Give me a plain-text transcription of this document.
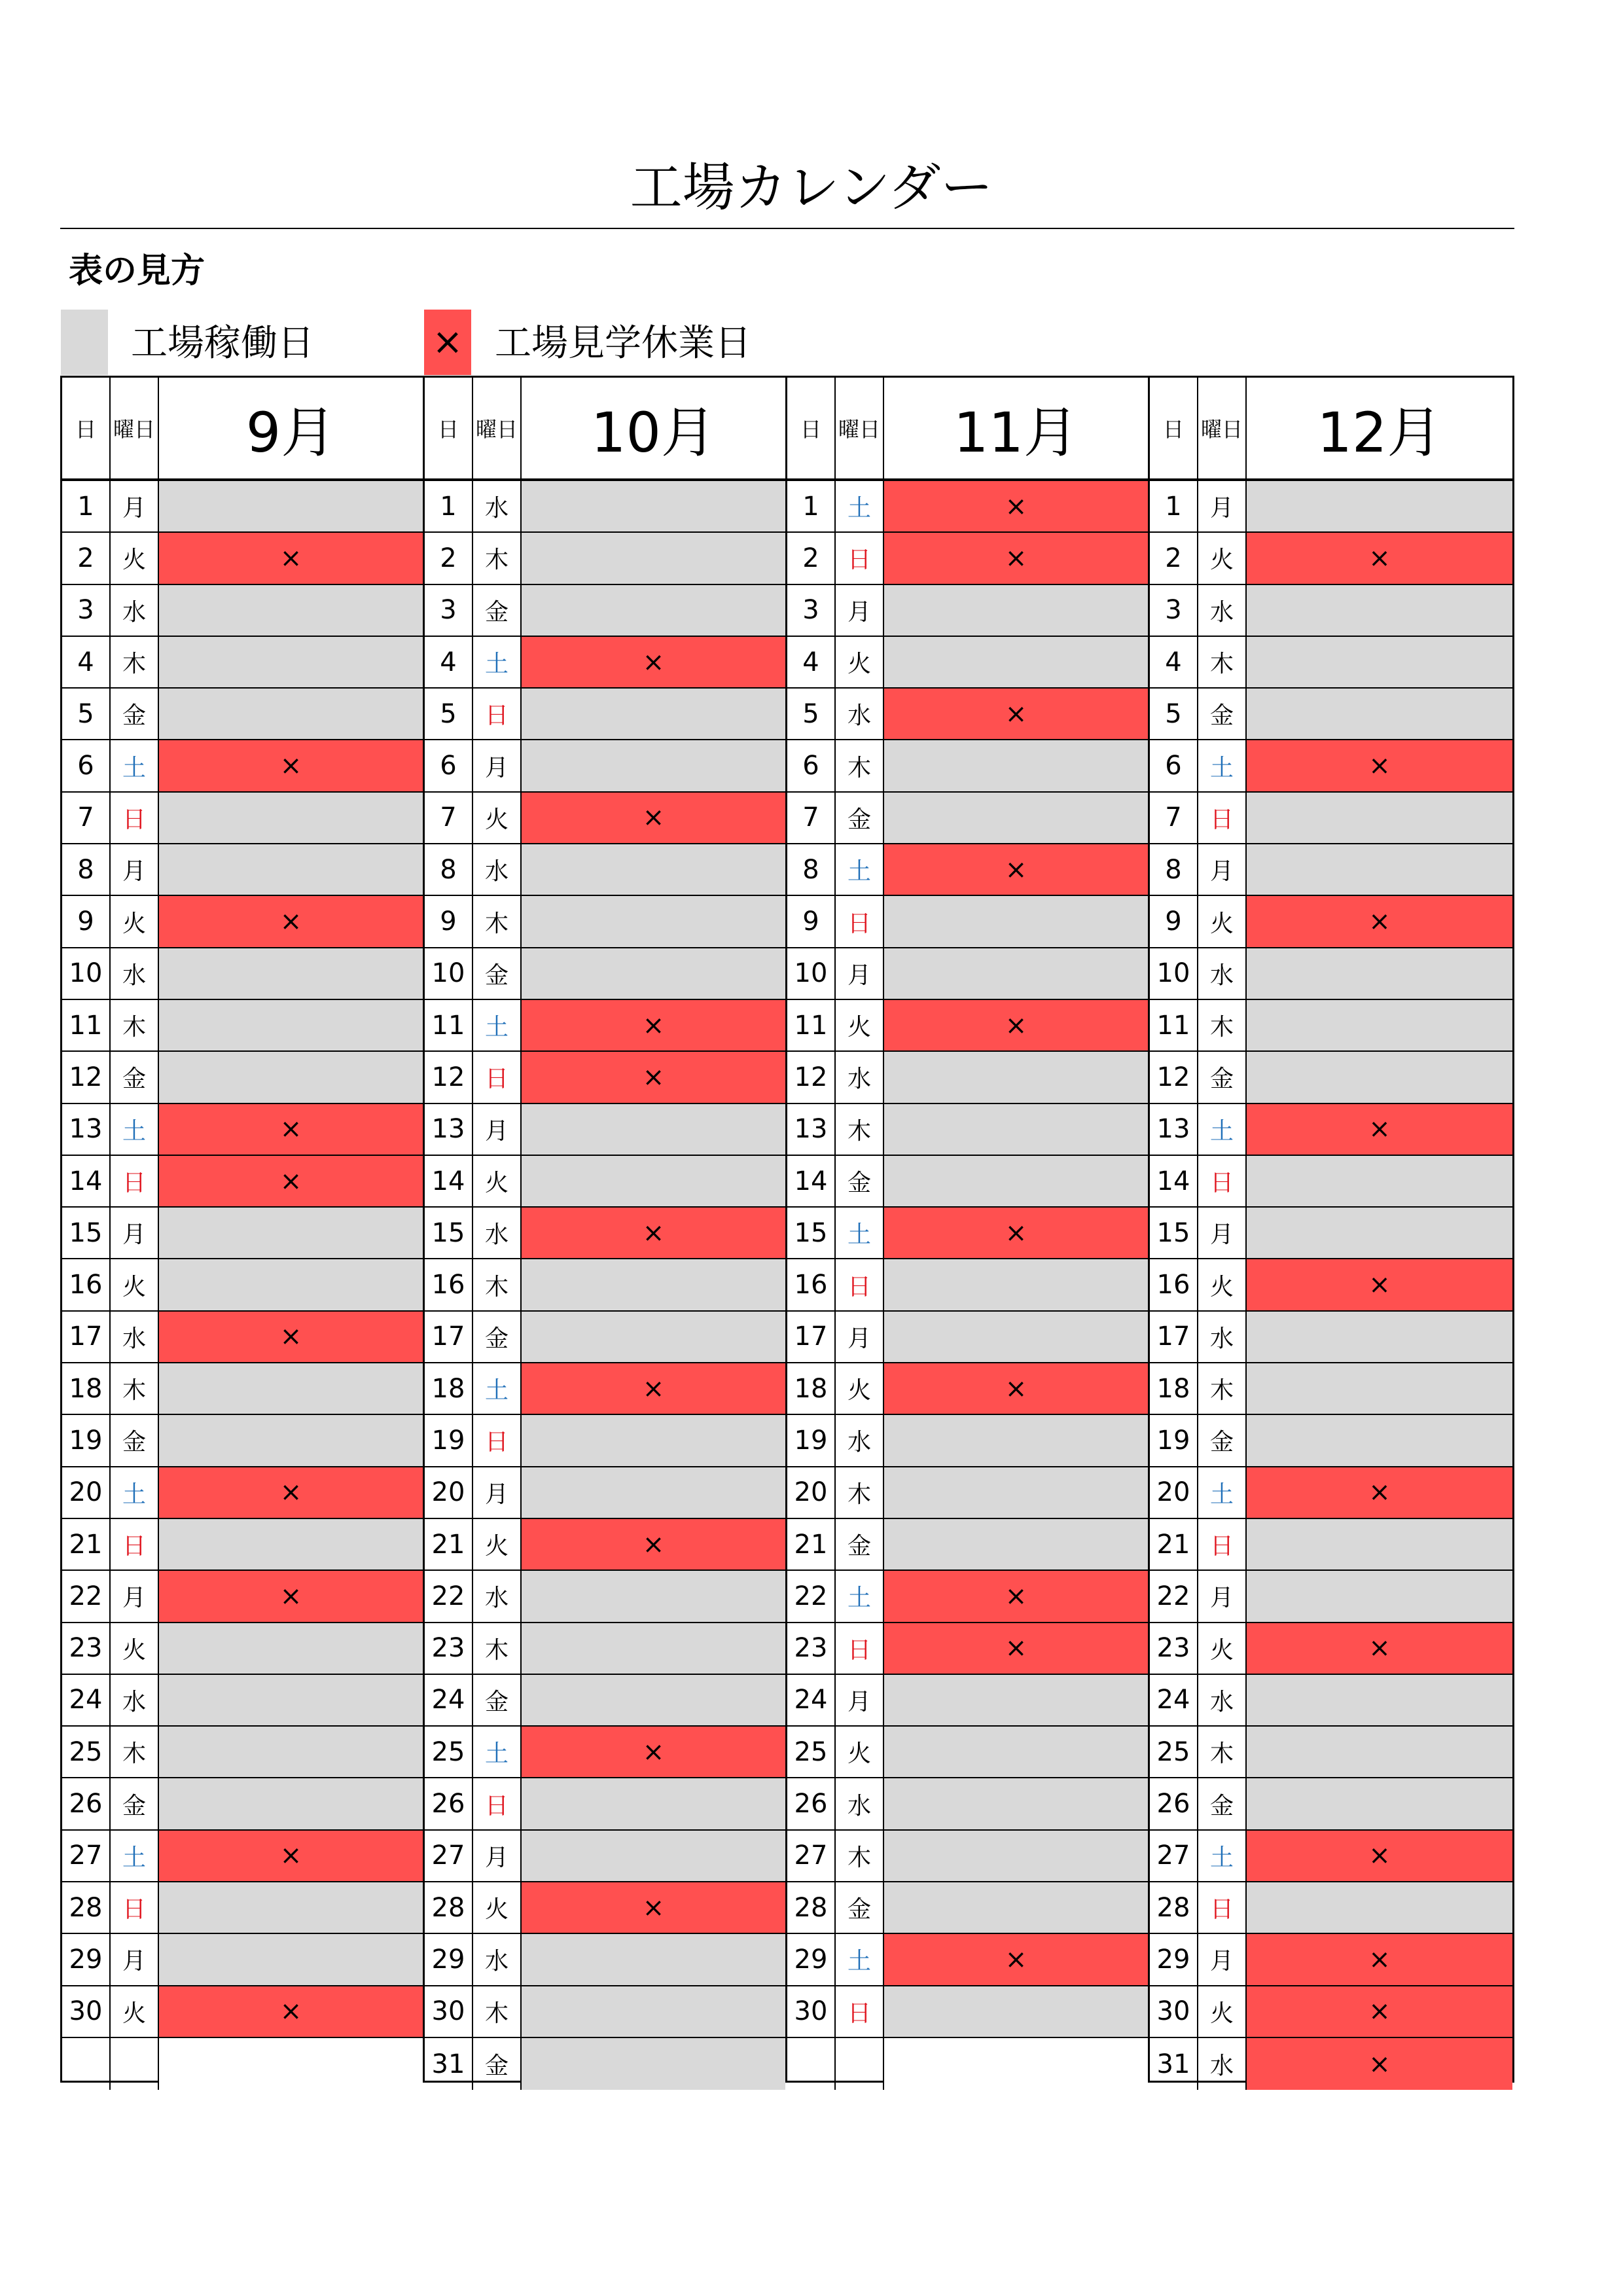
工場カレンダー
表の見方
工場稼働日	× 工場見学休業日
日 曜日	9月
1	月
2	火	×
3	水
4	木
5	金
6	土	×
7	日
8	月
9	火	×
10 水
11 木
12 金
13 土	×
14 日	×
15 月
16 火
17 水	×
18 木
19 金
20 土	×
21 日
22 月	×
23 火
24 水
25 木
26 金
27 土	×
28 日
29 月
30 火	×
日 曜日	10月
1	水
2	木
3	金
4	土	×
5	日
6	月
7	火	×
8	水
9	木
10 金
11 土	×
12 日	×
13 月
14 火
15 水	×
16 木
17 金
18 土	×
19 日
20 月
21 火	×
22 水
23 木
24 金
25 土	×
26 日
27 月
28 火	×
29 水
30 木
31 金
日 曜日	11月
1	土	×
2	日	×
3	月
4	火
5	水	×
6	木
7	金
8	土	×
9	日
10 月
11 火	×
12 水
13 木
14 金
15 土	×
16 日
17 月
18 火	×
19 水
20 木
21 金
22 土	×
23 日	×
24 月
25 火
26 水
27 木
28 金
29 土	×
30 日
日 曜日	12月
1	月
2	火	×
3	水
4	木
5	金
6	土	×
7	日
8	月
9	火	×
10 水
11 木
12 金
13 土	×
14 日
15 月
16 火	×
17 水
18 木
19 金
20 土	×
21 日
22 月
23 火	×
24 水
25 木
26 金
27 土	×
28 日
29 月	×
30 火	×
31 水	×
